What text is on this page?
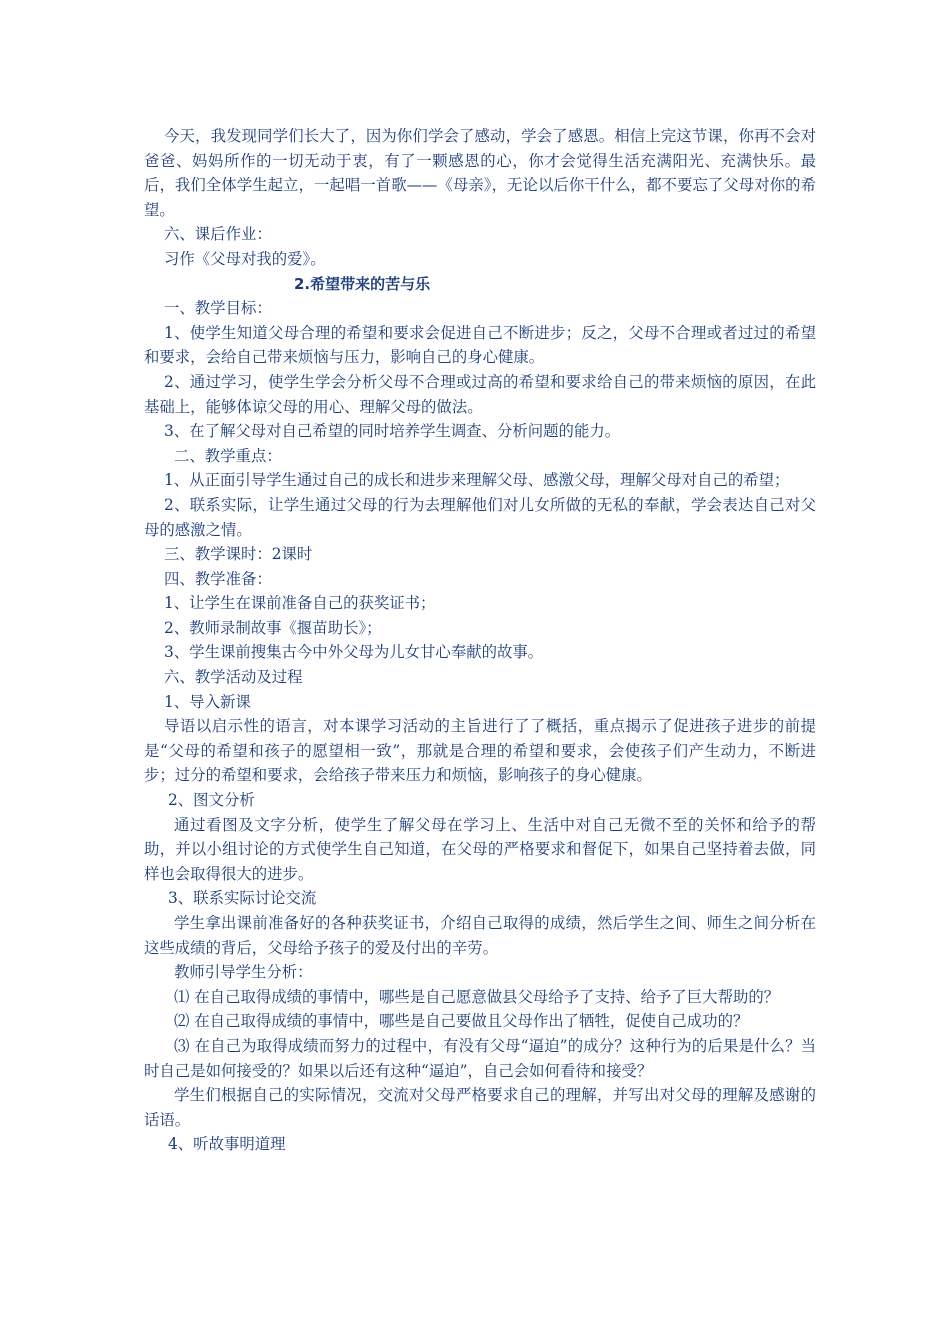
今天，我发现同学们长大了，因为你们学会了感动，学会了感恩。相信上完这节课，你再不会对爸爸、妈妈所作的一切无动于衷，有了一颗感恩的心，你才会觉得生活充满阳光、充满快乐。最后，我们全体学生起立，一起唱一首歌——《母亲》，无论以后你干什么，都不要忘了父母对你的希望。

六、课后作业：

习作《父母对我的爱》。

2.希望带来的苦与乐

一、教学目标：

1、使学生知道父母合理的希望和要求会促进自己不断进步；反之，父母不合理或者过过的希望和要求，会给自己带来烦恼与压力，影响自己的身心健康。

2、通过学习，使学生学会分析父母不合理或过高的希望和要求给自己的带来烦恼的原因，在此基础上，能够体谅父母的用心、理解父母的做法。

3、在了解父母对自己希望的同时培养学生调查、分析问题的能力。

二、教学重点：

1、从正面引导学生通过自己的成长和进步来理解父母、感激父母，理解父母对自己的希望；

2、联系实际，让学生通过父母的行为去理解他们对儿女所做的无私的奉献，学会表达自己对父母的感激之情。

三、教学课时：2课时

四、教学准备：

1、让学生在课前准备自己的获奖证书；

2、教师录制故事《揠苗助长》；

3、学生课前搜集古今中外父母为儿女甘心奉献的故事。

六、教学活动及过程

1、导入新课

导语以启示性的语言，对本课学习活动的主旨进行了了概括，重点揭示了促进孩子进步的前提是“父母的希望和孩子的愿望相一致”，那就是合理的希望和要求，会使孩子们产生动力，不断进步；过分的希望和要求，会给孩子带来压力和烦恼，影响孩子的身心健康。

2、图文分析

通过看图及文字分析，使学生了解父母在学习上、生活中对自己无微不至的关怀和给予的帮助，并以小组讨论的方式使学生自己知道，在父母的严格要求和督促下，如果自己坚持着去做，同样也会取得很大的进步。

3、联系实际讨论交流

学生拿出课前准备好的各种获奖证书，介绍自己取得的成绩，然后学生之间、师生之间分析在这些成绩的背后，父母给予孩子的爱及付出的辛劳。

教师引导学生分析：

⑴ 在自己取得成绩的事情中，哪些是自己愿意做县父母给予了支持、给予了巨大帮助的？

⑵ 在自己取得成绩的事情中，哪些是自己要做且父母作出了牺牲，促使自己成功的？

⑶ 在自己为取得成绩而努力的过程中，有没有父母“逼迫”的成分？这种行为的后果是什么？当时自己是如何接受的？如果以后还有这种“逼迫”，自己会如何看待和接受？

学生们根据自己的实际情况，交流对父母严格要求自己的理解，并写出对父母的理解及感谢的话语。

4、听故事明道理
